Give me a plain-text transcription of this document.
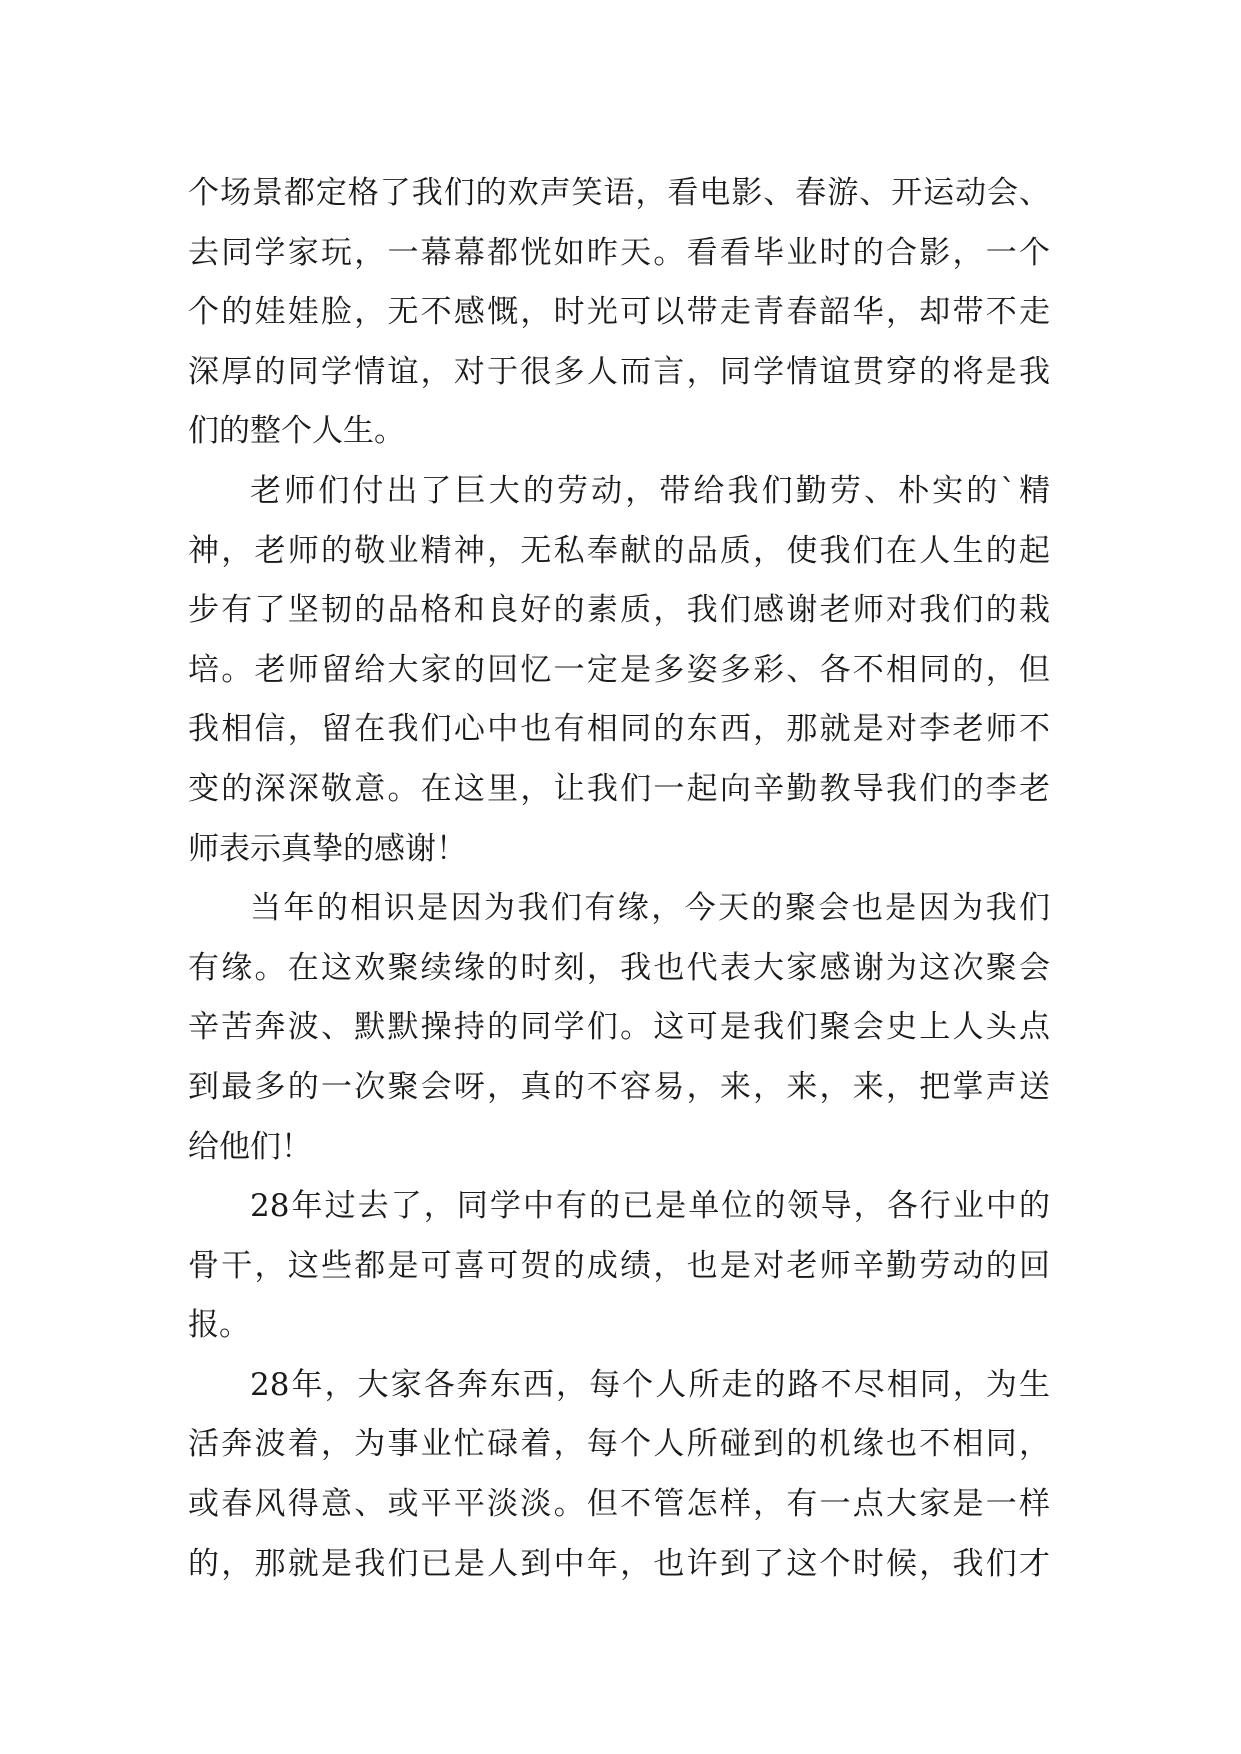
个场景都定格了我们的欢声笑语，看电影、春游、开运动会、
去同学家玩，一幕幕都恍如昨天。看看毕业时的合影，一个
个的娃娃脸，无不感慨，时光可以带走青春韶华，却带不走
深厚的同学情谊，对于很多人而言，同学情谊贯穿的将是我
们的整个人生。
老师们付出了巨大的劳动，带给我们勤劳、朴实的`精
神，老师的敬业精神，无私奉献的品质，使我们在人生的起
步有了坚韧的品格和良好的素质，我们感谢老师对我们的栽
培。老师留给大家的回忆一定是多姿多彩、各不相同的，但
我相信，留在我们心中也有相同的东西，那就是对李老师不
变的深深敬意。在这里，让我们一起向辛勤教导我们的李老
师表示真挚的感谢！
当年的相识是因为我们有缘，今天的聚会也是因为我们
有缘。在这欢聚续缘的时刻，我也代表大家感谢为这次聚会
辛苦奔波、默默操持的同学们。这可是我们聚会史上人头点
到最多的一次聚会呀，真的不容易，来，来，来，把掌声送
给他们！
28年过去了，同学中有的已是单位的领导，各行业中的
骨干，这些都是可喜可贺的成绩，也是对老师辛勤劳动的回
报。
28年，大家各奔东西，每个人所走的路不尽相同，为生
活奔波着，为事业忙碌着，每个人所碰到的机缘也不相同，
或春风得意、或平平淡淡。但不管怎样，有一点大家是一样
的，那就是我们已是人到中年，也许到了这个时候，我们才
